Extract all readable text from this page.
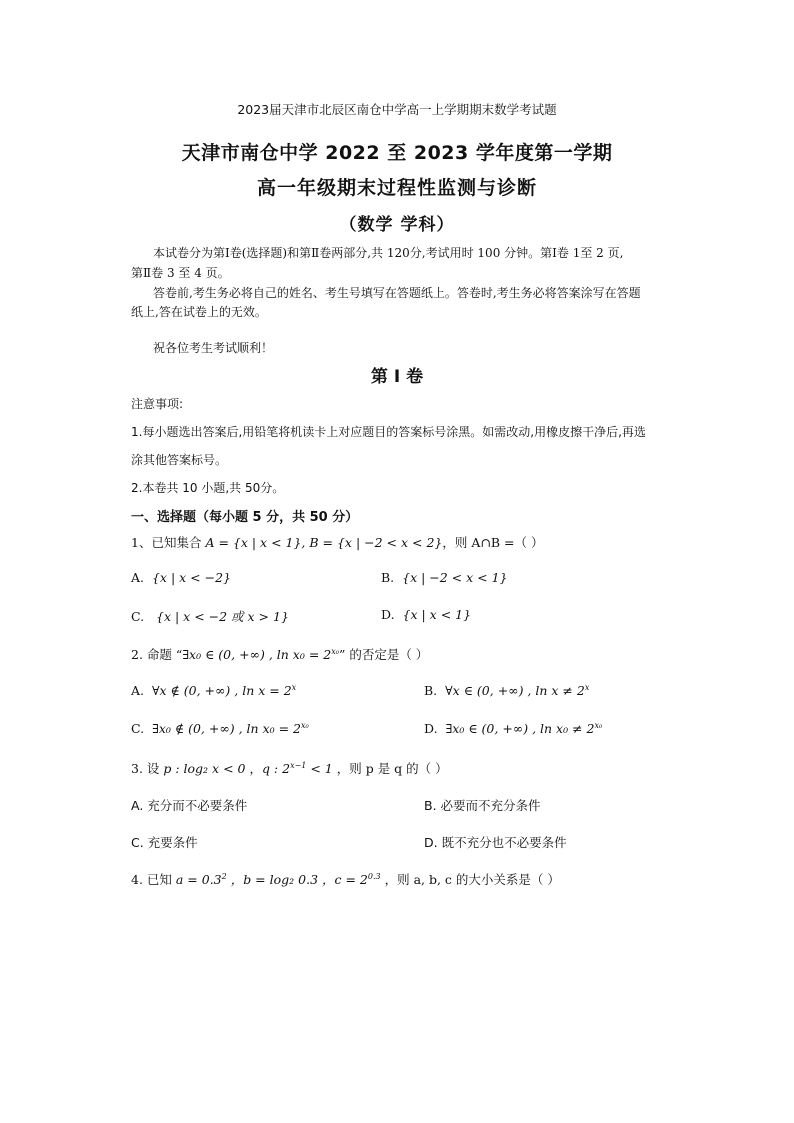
2023届天津市北辰区南仓中学高一上学期期末数学考试题
天津市南仓中学 2022 至 2023 学年度第一学期
高一年级期末过程性监测与诊断
（数学 学科）
本试卷分为第Ⅰ卷(选择题)和第Ⅱ卷两部分,共 120分,考试用时 100 分钟。第Ⅰ卷 1至 2 页,
第Ⅱ卷 3 至 4 页。
答卷前,考生务必将自己的姓名、考生号填写在答题纸上。答卷时,考生务必将答案涂写在答题
纸上,答在试卷上的无效。
祝各位考生考试顺利！
第 Ⅰ 卷
注意事项:
1.每小题选出答案后,用铅笔将机读卡上对应题目的答案标号涂黑。如需改动,用橡皮擦干净后,再选
涂其他答案标号。
2.本卷共 10 小题,共 50分。
一、选择题（每小题 5 分，共 50 分）
1、已知集合 A = {x | x < 1}, B = {x | −2 < x < 2}，则 A∩B =（ ）
A. {x | x < −2}	B. {x | −2 < x < 1}
C. {x | x < −2 或 x > 1}	D. {x | x < 1}
2. 命题 “∃x₀ ∈ (0, +∞) , $\ln x_0 = 2^{x_0}$” 的否定是（ ）
A. ∀x ∉ (0, +∞) , $\ln x = 2^x$	B. ∀x ∈ (0, +∞) , $\ln x \ne 2^x$
C. ∃x₀ ∉ (0, +∞) , $\ln x_0 = 2^{x_0}$	D. ∃x₀ ∈ (0, +∞) , $\ln x_0 \ne 2^{x_0}$
3. 设 p : log₂ x < 0 ，q : $2^{x-1} < 1$ ，则 p 是 q 的（ ）
A. 充分而不必要条件	B. 必要而不充分条件
C. 充要条件	D. 既不充分也不必要条件
4. 已知 $a = 0.3^2$ ，b = log₂ 0.3 ，$c = 2^{0.3}$ ，则 a, b, c 的大小关系是（ ）
